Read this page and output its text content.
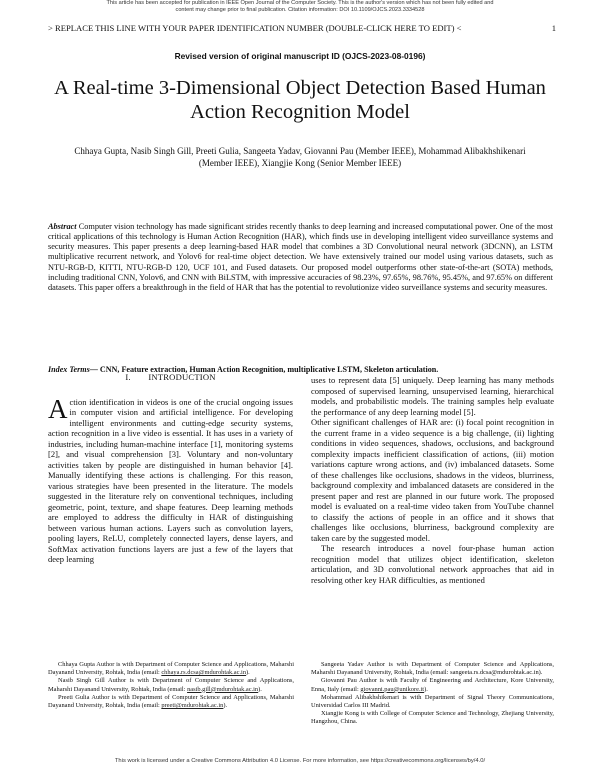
This article has been accepted for publication in IEEE Open Journal of the Computer Society. This is the author's version which has not been fully edited and
content may change prior to final publication. Citation information: DOI 10.1109/OJCS.2023.3334528
> REPLACE THIS LINE WITH YOUR PAPER IDENTIFICATION NUMBER (DOUBLE-CLICK HERE TO EDIT) <	1
Revised version of original manuscript ID (OJCS-2023-08-0196)
A Real-time 3-Dimensional Object Detection Based Human Action Recognition Model
Chhaya Gupta, Nasib Singh Gill, Preeti Gulia, Sangeeta Yadav, Giovanni Pau (Member IEEE), Mohammad Alibakhshikenari (Member IEEE), Xiangjie Kong (Senior Member IEEE)
Abstract Computer vision technology has made significant strides recently thanks to deep learning and increased computational power. One of the most critical applications of this technology is Human Action Recognition (HAR), which finds use in developing intelligent video surveillance systems and security measures. This paper presents a deep learning-based HAR model that combines a 3D Convolutional neural network (3DCNN), an LSTM multiplicative recurrent network, and Yolov6 for real-time object detection. We have extensively trained our model using various datasets, such as NTU-RGB-D, KITTI, NTU-RGB-D 120, UCF 101, and Fused datasets. Our proposed model outperforms other state-of-the-art (SOTA) methods, including traditional CNN, Yolov6, and CNN with BiLSTM, with impressive accuracies of 98.23%, 97.65%, 98.76%, 95.45%, and 97.65% on different datasets. This paper offers a breakthrough in the field of HAR that has the potential to revolutionize video surveillance systems and security measures.
Index Terms— CNN, Feature extraction, Human Action Recognition, multiplicative LSTM, Skeleton articulation.
I.  INTRODUCTION

Action identification in videos is one of the crucial ongoing issues in computer vision and artificial intelligence. For developing intelligent environments and cutting-edge security systems, action recognition in a live video is essential. It has uses in a variety of industries, including human-machine interface [1], monitoring systems [2], and visual comprehension [3]. Voluntary and non-voluntary activities taken by people are distinguished in human behavior [4]. Manually identifying these actions is challenging. For this reason, various strategies have been presented in the literature. The models suggested in the literature rely on conventional techniques, including geometric, point, texture, and shape features. Deep learning methods are employed to address the difficulty in HAR of distinguishing between various human actions. Layers such as convolution layers, pooling layers, ReLU, completely connected layers, dense layers, and SoftMax activation functions layers are just a few of the layers that deep learning

uses to represent data [5] uniquely. Deep learning has many methods composed of supervised learning, unsupervised learning, hierarchical models, and probabilistic models. The training samples help evaluate the performance of any deep learning model [5].

Other significant challenges of HAR are: (i) focal point recognition in the current frame in a video sequence is a big challenge, (ii) lighting conditions in video sequences, shadows, occlusions, and background complexity impacts inefficient classification of actions, (iii) motion variations capture wrong actions, and (iv) imbalanced datasets. Some of these challenges like occlusions, shadows in the videos, blurriness, background complexity and imbalanced datasets are considered in the present paper and rest are planned in our future work. The proposed model is evaluated on a real-time video taken from YouTube channel to classify the actions of people in an office and it shows that challenges like occlusions, blurriness, background complexity are taken care by the suggested model.

The research introduces a novel four-phase human action recognition model that utilizes object identification, skeleton articulation, and 3D convolutional network approaches that aid in resolving other key HAR difficulties, as mentioned

Chhaya Gupta Author is with Department of Computer Science and Applications, Maharshi Dayanand University, Rohtak, India (email: chhaya.rs.dcsa@mdurohtak.ac.in).

Nasib Singh Gill Author is with Department of Computer Science and Applications, Maharshi Dayanand University, Rohtak, India (email: nasib.gill@mdurohtak.ac.in).

Preeti Gulia Author is with Department of Computer Science and Applications, Maharshi Dayanand University, Rohtak, India (email: preeti@mdurohtak.ac.in).

Sangeeta Yadav Author is with Department of Computer Science and Applications, Maharshi Dayanand University, Rohtak, India (email: sangeeta.rs.dcsa@mdurohtak.ac.in).

Giovanni Pau Author is with Faculty of Engineering and Architecture, Kore University, Enna, Italy (email: giovanni.pau@unikore.it).

Mohammad Alibakhshikenari is with Department of Signal Theory Communications, Universidad Carlos III Madrid.

Xiangjie Kong is with College of Computer Science and Technology, Zhejiang University, Hangzhou, China.

This work is licensed under a Creative Commons Attribution 4.0 License. For more information, see https://creativecommons.org/licenses/by/4.0/
